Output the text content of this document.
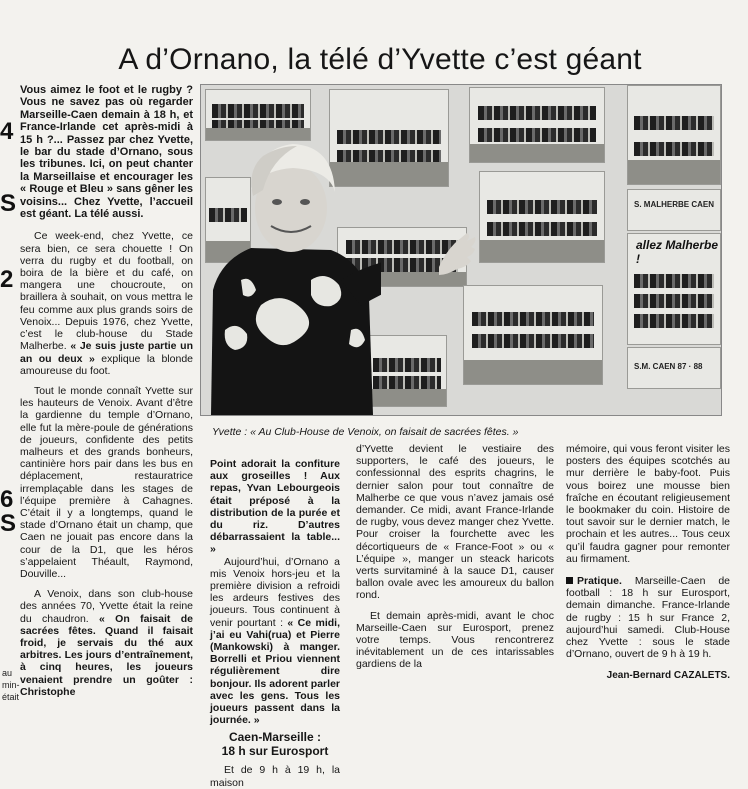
4
S
2
6
S
au
min-
était
A d’Ornano, la télé d’Yvette c’est géant

Vous aimez le foot et le rugby ? Vous ne savez pas où regarder Marseille-Caen demain à 18 h, et France-Irlande cet après-midi à 15 h ?... Passez par chez Yvette, le bar du stade d’Ornano, sous les tribunes. Ici, on peut chanter la Marseillaise et encourager les « Rouge et Bleu » sans gêner les voisins... Chez Yvette, l’accueil est géant. La télé aussi.

Ce week-end, chez Yvette, ce sera bien, ce sera chouette ! On verra du rugby et du football, on boira de la bière et du café, on mangera une choucroute, on braillera à souhait, on vous mettra le feu comme aux plus grands soirs de Venoix... Depuis 1976, chez Yvette, c’est le club-house du Stade Malherbe. « Je suis juste partie un an ou deux » explique la blonde amoureuse du foot.

Tout le monde connaît Yvette sur les hauteurs de Venoix. Avant d’être la gardienne du temple d’Ornano, elle fut la mère-poule de générations de joueurs, confidente des petits malheurs et des grands bonheurs, cantinière hors pair dans les bus en déplacement, restauratrice irremplaçable dans les stages de l’équipe première à Cahagnes. C’était il y a longtemps, quand le stade d’Ornano était un champ, que Caen ne jouait pas encore dans la cour de la D1, que les héros s’appelaient Théault, Raymond, Douville...

A Venoix, dans son club-house des années 70, Yvette était la reine du chaudron. « On faisait de sacrées fêtes. Quand il faisait froid, je servais du thé aux arbitres. Les jours d’entraînement, à cinq heures, les joueurs venaient prendre un goûter : Christophe

S. MALHERBE CAEN
allez Malherbe !
S.M. CAEN 87 · 88
Yvette : « Au Club-House de Venoix, on faisait de sacrées fêtes. »

Point adorait la confiture aux groseilles ! Aux repas, Yvan Lebourgeois était préposé à la distribution de la purée et du riz. D’autres débarrassaient la table... »

Aujourd’hui, d’Ornano a mis Venoix hors-jeu et la première division a refroidi les ardeurs festives des joueurs. Tous continuent à venir pourtant : « Ce midi, j’ai eu Vahi(rua) et Pierre (Mankowski) à manger. Borrelli et Priou viennent régulièrement dire bonjour. Ils adorent parler avec les gens. Tous les joueurs passent dans la journée. »

Caen-Marseille :
18 h sur Eurosport

Et de 9 h à 19 h, la maison

d’Yvette devient le vestiaire des supporters, le café des joueurs, le confessionnal des esprits chagrins, le dernier salon pour tout connaître de Malherbe ce que vous n’avez jamais osé demander. Ce midi, avant France-Irlande de rugby, vous devez manger chez Yvette. Pour croiser la fourchette avec les décortiqueurs de « France-Foot » ou « L’équipe », manger un steack haricots verts survitaminé à la sauce D1, causer ballon ovale avec les amoureux du ballon rond.

Et demain après-midi, avant le choc Marseille-Caen sur Eurosport, prenez votre temps. Vous rencontrerez inévitablement un de ces intarissables gardiens de la

mémoire, qui vous feront visiter les posters des équipes scotchés au mur derrière le baby-foot. Puis vous boirez une mousse bien fraîche en écoutant religieusement le bookmaker du coin. Histoire de tout savoir sur le dernier match, le prochain et les autres... Tous ceux qu’il faudra gagner pour remonter au firmament.

Pratique. Marseille-Caen de football : 18 h sur Eurosport, demain dimanche. France-Irlande de rugby : 15 h sur France 2, aujourd’hui samedi. Club-House chez Yvette : sous le stade d’Ornano, ouvert de 9 h à 19 h.

Jean-Bernard CAZALETS.
